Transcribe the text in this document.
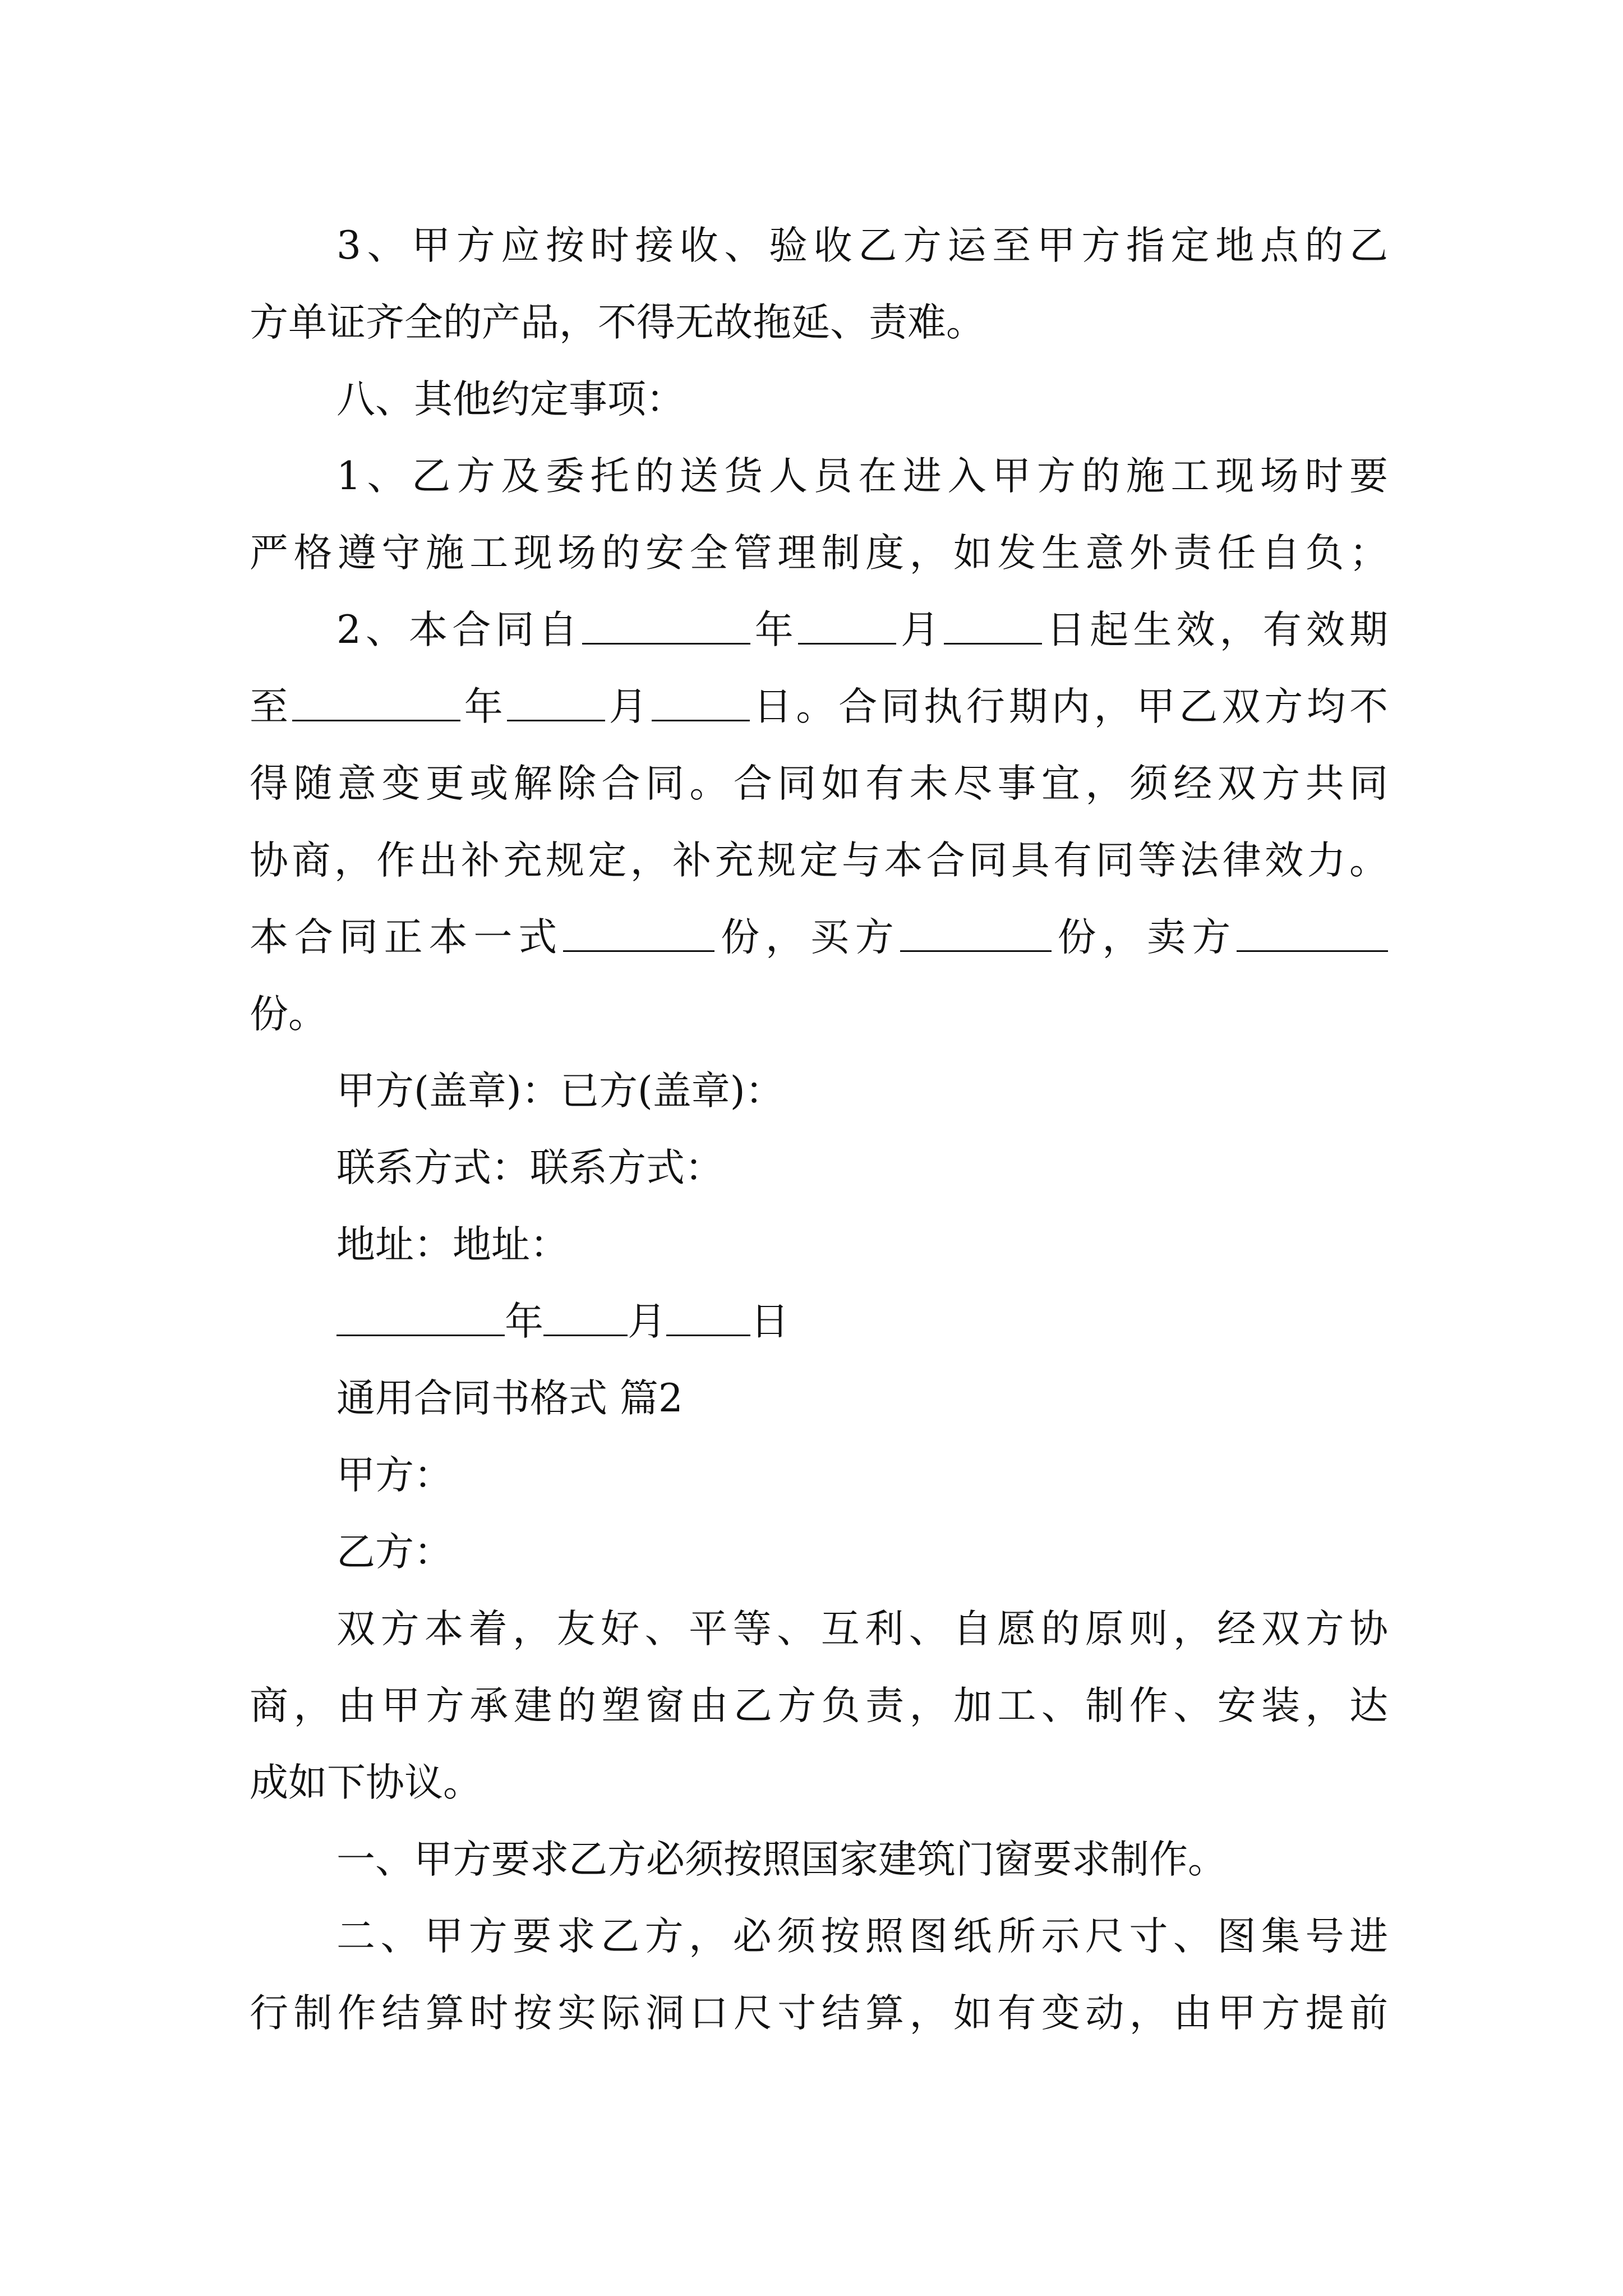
3、甲方应按时接收、验收乙方运至甲方指定地点的乙
方单证齐全的产品，不得无故拖延、责难。
八、其他约定事项：
1、乙方及委托的送货人员在进入甲方的施工现场时要
严格遵守施工现场的安全管理制度，如发生意外责任自负；
2、本合同自	年	月	日起生效，有效期
至	年	月	日。合同执行期内，甲乙双方均不
得随意变更或解除合同。合同如有未尽事宜，须经双方共同
协商，作出补充规定，补充规定与本合同具有同等法律效力。
本合同正本一式	份，买方	份，卖方
份。
甲方(盖章)：已方(盖章)：
联系方式：联系方式：
地址：地址：
年 月 日
通用合同书格式 篇2
甲方：
乙方：
双方本着，友好、平等、互利、自愿的原则，经双方协
商，由甲方承建的塑窗由乙方负责，加工、制作、安装，达
成如下协议。
一、甲方要求乙方必须按照国家建筑门窗要求制作。
二、甲方要求乙方，必须按照图纸所示尺寸、图集号进
行制作结算时按实际洞口尺寸结算，如有变动，由甲方提前
